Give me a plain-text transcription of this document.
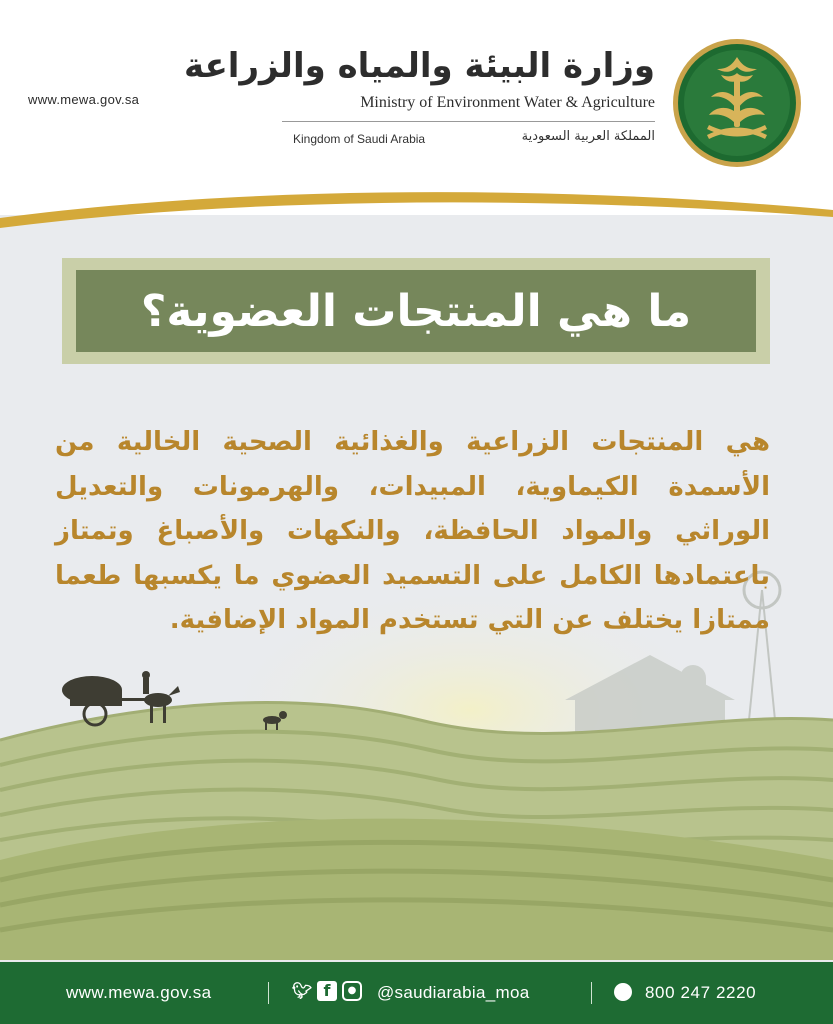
www.mewa.gov.sa
وزارة البيئة والمياه والزراعة
Ministry of Environment Water & Agriculture
Kingdom of Saudi Arabia	المملكة العربية السعودية
ما هي المنتجات العضوية؟
هي المنتجات الزراعية والغذائية الصحية الخالية من الأسمدة الكيماوية، المبيدات، والهرمونات والتعديل الوراثي والمواد الحافظة، والنكهات والأصباغ وتمتاز باعتمادها الكامل على التسميد العضوي ما يكسبها طعما ممتازا يختلف عن التي تستخدم المواد الإضافية.
www.mewa.gov.sa	🐦︎ f	●	@saudiarabia_moa	800 247 2220
